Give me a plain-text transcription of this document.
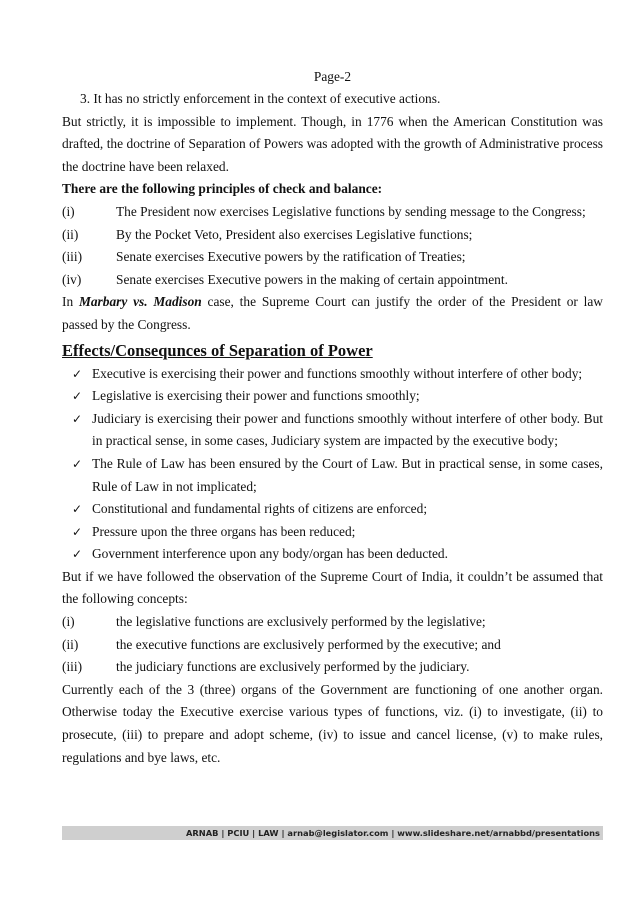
Page-2

3. It has no strictly enforcement in the context of executive actions.

But strictly, it is impossible to implement. Though, in 1776 when the American Constitution was drafted, the doctrine of Separation of Powers was adopted with the growth of Administrative process the doctrine have been relaxed.

There are the following principles of check and balance:

(i)	The President now exercises Legislative functions by sending message to the Congress;
(ii)	By the Pocket Veto, President also exercises Legislative functions;
(iii)	Senate exercises Executive powers by the ratification of Treaties;
(iv)	Senate exercises Executive powers in the making of certain appointment.

In Marbary vs. Madison case, the Supreme Court can justify the order of the President or law passed by the Congress.

Effects/Consequnces of Separation of Power
✓ Executive is exercising their power and functions smoothly without interfere of other body;
✓ Legislative is exercising their power and functions smoothly;
✓ Judiciary is exercising their power and functions smoothly without interfere of other body. But in practical sense, in some cases, Judiciary system are impacted by the executive body;
✓ The Rule of Law has been ensured by the Court of Law. But in practical sense, in some cases, Rule of Law in not implicated;
✓ Constitutional and fundamental rights of citizens are enforced;
✓ Pressure upon the three organs has been reduced;
✓ Government interference upon any body/organ has been deducted.

But if we have followed the observation of the Supreme Court of India, it couldn’t be assumed that the following concepts:

(i)	the legislative functions are exclusively performed by the legislative;
(ii)	the executive functions are exclusively performed by the executive; and
(iii)	the judiciary functions are exclusively performed by the judiciary.

Currently each of the 3 (three) organs of the Government are functioning of one another organ. Otherwise today the Executive exercise various types of functions, viz. (i) to investigate, (ii) to prosecute, (iii) to prepare and adopt scheme, (iv) to issue and cancel license, (v) to make rules, regulations and bye laws, etc.

ARNAB | PCIU | LAW | arnab@legislator.com | www.slideshare.net/arnabbd/presentations
